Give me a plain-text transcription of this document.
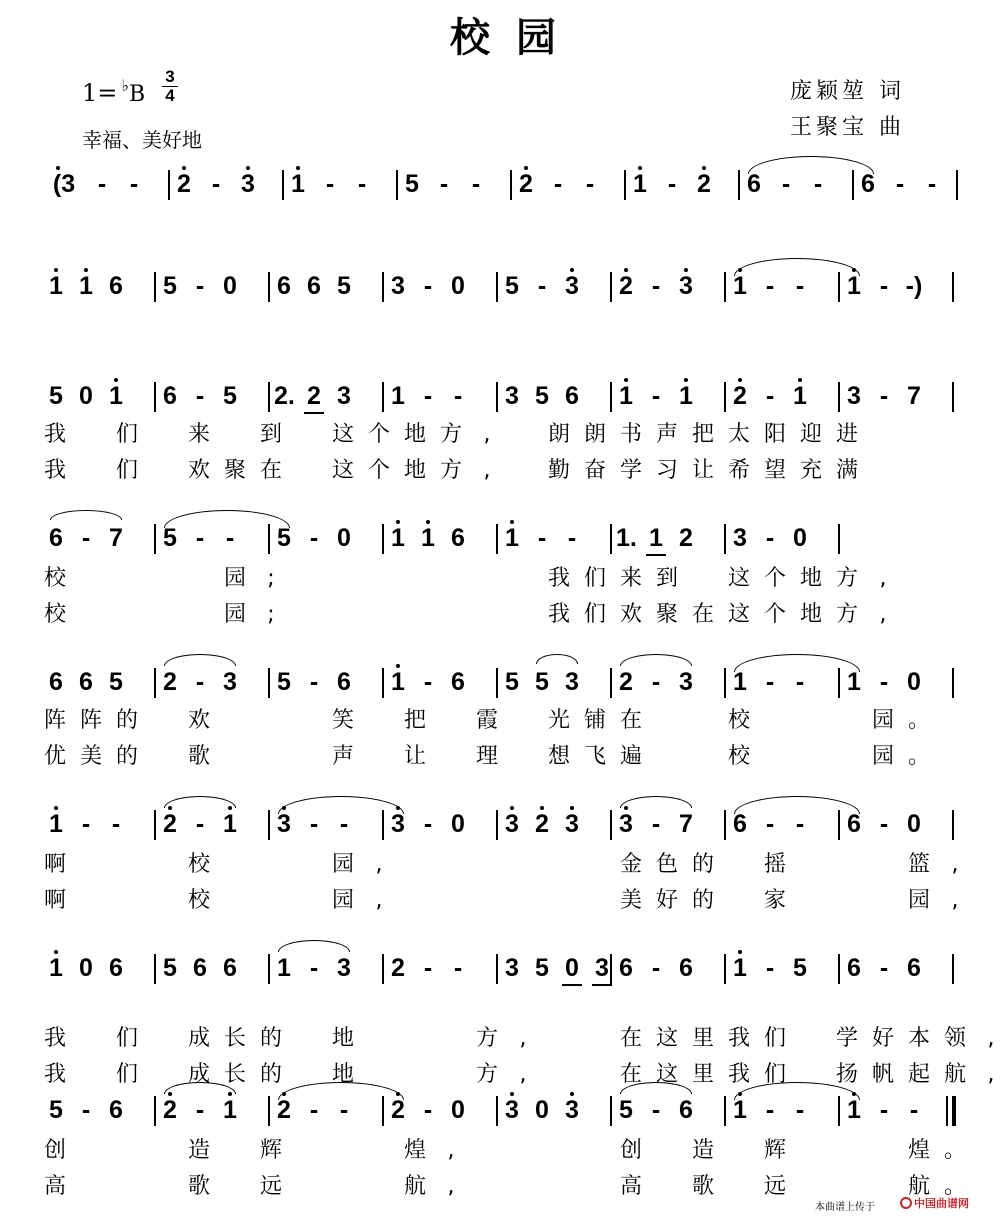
校园
1= ♭B
3
4
幸福、美好地
庞颖堃 词
王聚宝 曲
(3 - - 2 - 3 1 - - 5 - - 2 - - 1 - 2 6 - - 6 - -
1 1 6 5 - 0 6 6 5 3 - 0 5 - 3 2 - 3 1 - - 1 - -)
5 0 1 6 - 5 2. 2 3 1 - - 3 5 6 1 - 1 2 - 1 3 - 7
我 们 来 到 这 个 地 方 ,	朗 朗 书 声 把 太 阳 迎 进
我 们 欢 聚 在 这 个 地 方 ,	勤 奋 学 习 让 希 望 充 满
6 - 7 5 - - 5 - 0 1 1 6 1 - - 1. 1 2 3 - 0
校	园 ;	我 们 来 到 这 个 地 方 ,
校	园 ;	我 们 欢 聚 在 这 个 地 方 ,
6 6 5 2 - 3 5 - 6 1 - 6 5 5 3 2 - 3 1 - - 1 - 0
阵 阵 的 欢	笑 把 霞 光 铺 在	校	园 。
优 美 的 歌	声 让 理 想 飞 遍	校	园 。
1 - - 2 - 1 3 - - 3 - 0 3 2 3 3 - 7 6 - - 6 - 0
啊	校	园 ,	金 色 的 摇	篮 ,
啊	校	园 ,	美 好 的 家	园 ,
1 0 6 5 6 6 1 - 3 2 - - 3 5 0 3 6 - 6 1 - 5 6 - 6
我 们 成 长 的 地	方 ,	在 这 里 我 们 学 好 本 领 ,
我 们 成 长 的 地	方 ,	在 这 里 我 们 扬 帆 起 航 ,
5 - 6 2 - 1 2 - - 2 - 0 3 0 3 5 - 6 1 - - 1 - -
创	造 辉	煌 ,	创 造 辉	煌 。
高	歌 远	航 ,	高 歌 远	航 。
本曲谱上传于	中国曲谱网
